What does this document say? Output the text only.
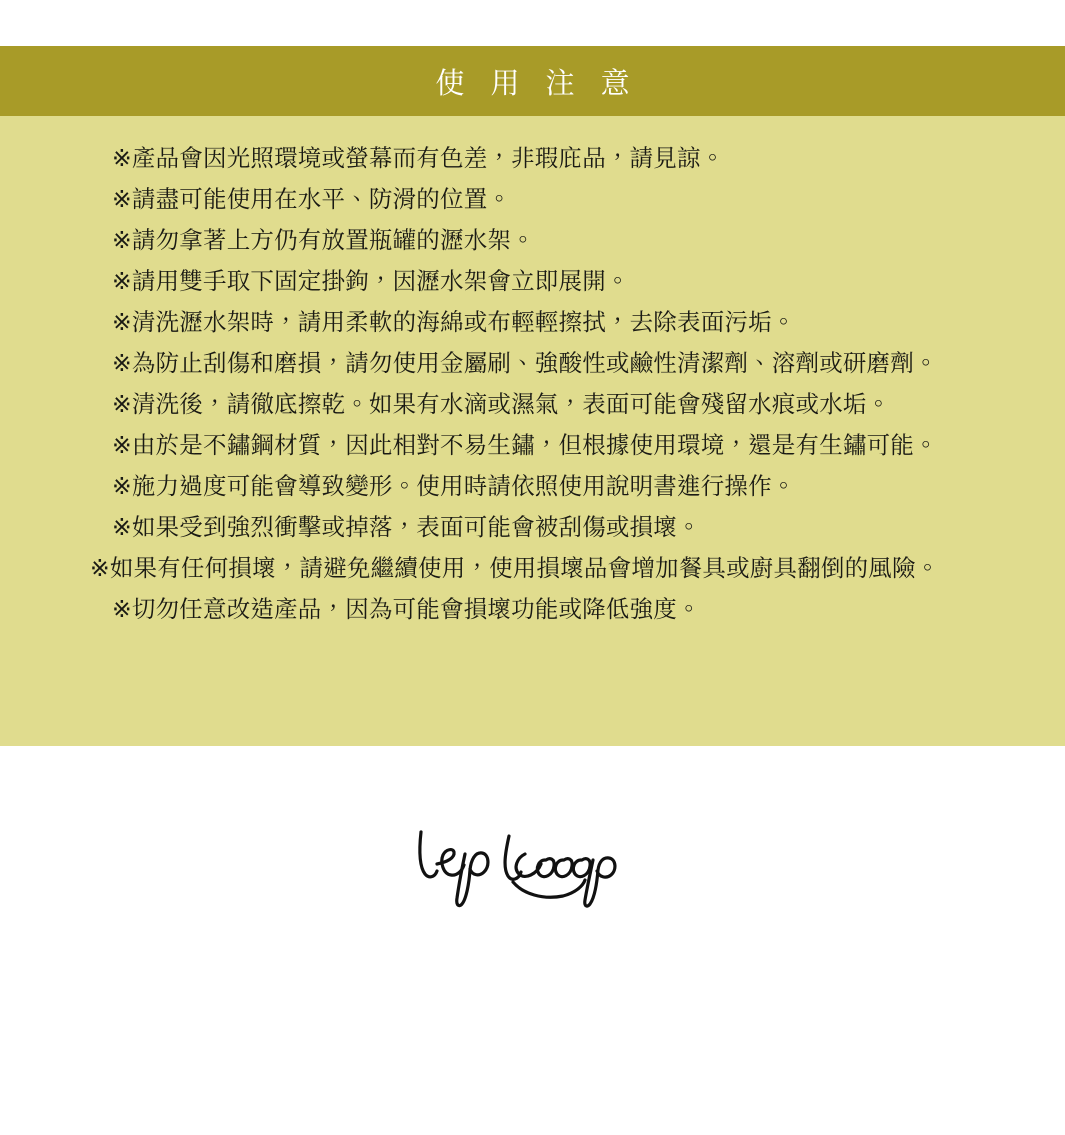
使 用 注 意
※產品會因光照環境或螢幕而有色差，非瑕庇品，請見諒。
※請盡可能使用在水平、防滑的位置。
※請勿拿著上方仍有放置瓶罐的瀝水架。
※請用雙手取下固定掛鉤，因瀝水架會立即展開。
※清洗瀝水架時，請用柔軟的海綿或布輕輕擦拭，去除表面污垢。
※為防止刮傷和磨損，請勿使用金屬刷、強酸性或鹼性清潔劑、溶劑或研磨劑。
※清洗後，請徹底擦乾。如果有水滴或濕氣，表面可能會殘留水痕或水垢。
※由於是不鏽鋼材質，因此相對不易生鏽，但根據使用環境，還是有生鏽可能。
※施力過度可能會導致變形。使用時請依照使用說明書進行操作。
※如果受到強烈衝擊或掉落，表面可能會被刮傷或損壞。
※如果有任何損壞，請避免繼續使用，使用損壞品會增加餐具或廚具翻倒的風險。
※切勿任意改造產品，因為可能會損壞功能或降低強度。
